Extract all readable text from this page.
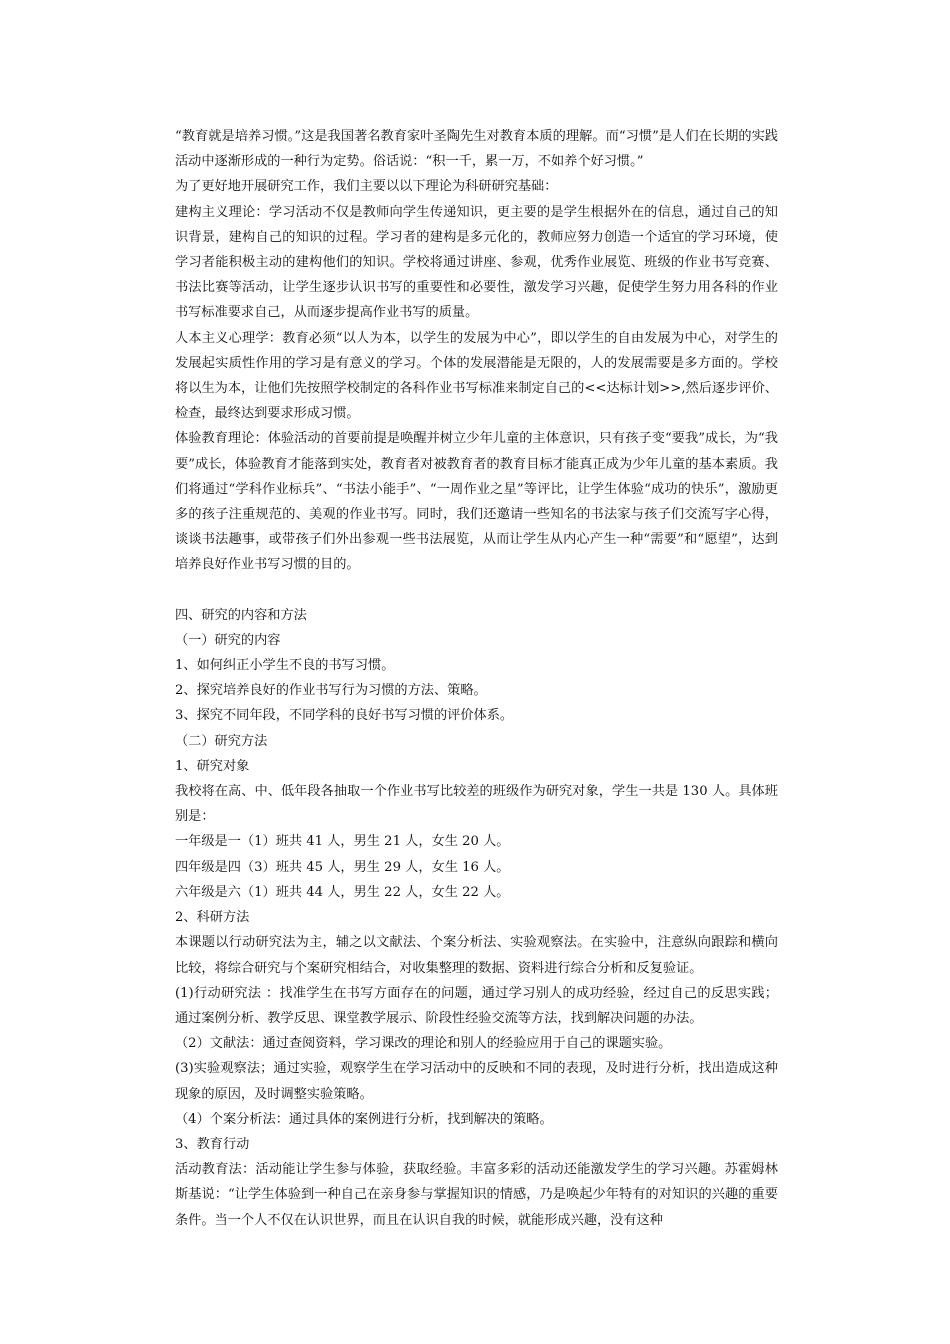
“教育就是培养习惯。”这是我国著名教育家叶圣陶先生对教育本质的理解。而“习惯”是人们在长期的实践活动中逐渐形成的一种行为定势。俗话说：“积一千，累一万，不如养个好习惯。”

为了更好地开展研究工作，我们主要以以下理论为科研研究基础：

建构主义理论：学习活动不仅是教师向学生传递知识，更主要的是学生根据外在的信息，通过自己的知识背景，建构自己的知识的过程。学习者的建构是多元化的，教师应努力创造一个适宜的学习环境，使学习者能积极主动的建构他们的知识。学校将通过讲座、参观，优秀作业展览、班级的作业书写竞赛、书法比赛等活动，让学生逐步认识书写的重要性和必要性，激发学习兴趣，促使学生努力用各科的作业书写标准要求自己，从而逐步提高作业书写的质量。

人本主义心理学：教育必须“以人为本，以学生的发展为中心”，即以学生的自由发展为中心，对学生的发展起实质性作用的学习是有意义的学习。个体的发展潜能是无限的，人的发展需要是多方面的。学校将以生为本，让他们先按照学校制定的各科作业书写标准来制定自己的<<达标计划>>,然后逐步评价、检查，最终达到要求形成习惯。

体验教育理论：体验活动的首要前提是唤醒并树立少年儿童的主体意识，只有孩子变“要我”成长，为“我要”成长，体验教育才能落到实处，教育者对被教育者的教育目标才能真正成为少年儿童的基本素质。我们将通过“学科作业标兵”、“书法小能手”、“一周作业之星”等评比，让学生体验“成功的快乐”，激励更多的孩子注重规范的、美观的作业书写。同时，我们还邀请一些知名的书法家与孩子们交流写字心得，谈谈书法趣事，或带孩子们外出参观一些书法展览，从而让学生从内心产生一种“需要”和“愿望”，达到培养良好作业书写习惯的目的。

四、研究的内容和方法

（一）研究的内容

1、如何纠正小学生不良的书写习惯。

2、探究培养良好的作业书写行为习惯的方法、策略。

3、探究不同年段，不同学科的良好书写习惯的评价体系。

（二）研究方法

1、研究对象

我校将在高、中、低年段各抽取一个作业书写比较差的班级作为研究对象，学生一共是 130 人。具体班别是：

一年级是一（1）班共 41 人，男生 21 人，女生 20 人。

四年级是四（3）班共 45 人，男生 29 人，女生 16 人。

六年级是六（1）班共 44 人，男生 22 人，女生 22 人。

2、科研方法

本课题以行动研究法为主，辅之以文献法、个案分析法、实验观察法。在实验中，注意纵向跟踪和横向比较，将综合研究与个案研究相结合，对收集整理的数据、资料进行综合分析和反复验证。

(1)行动研究法 ：找准学生在书写方面存在的问题，通过学习别人的成功经验，经过自己的反思实践；通过案例分析、教学反思、课堂教学展示、阶段性经验交流等方法，找到解决问题的办法。

（2）文献法：通过查阅资料，学习课改的理论和别人的经验应用于自己的课题实验。

(3)实验观察法；通过实验，观察学生在学习活动中的反映和不同的表现，及时进行分析，找出造成这种现象的原因，及时调整实验策略。

（4）个案分析法：通过具体的案例进行分析，找到解决的策略。

3、教育行动

活动教育法：活动能让学生参与体验，获取经验。丰富多彩的活动还能激发学生的学习兴趣。苏霍姆林斯基说：“让学生体验到一种自己在亲身参与掌握知识的情感，乃是唤起少年特有的对知识的兴趣的重要条件。当一个人不仅在认识世界，而且在认识自我的时候，就能形成兴趣，没有这种
